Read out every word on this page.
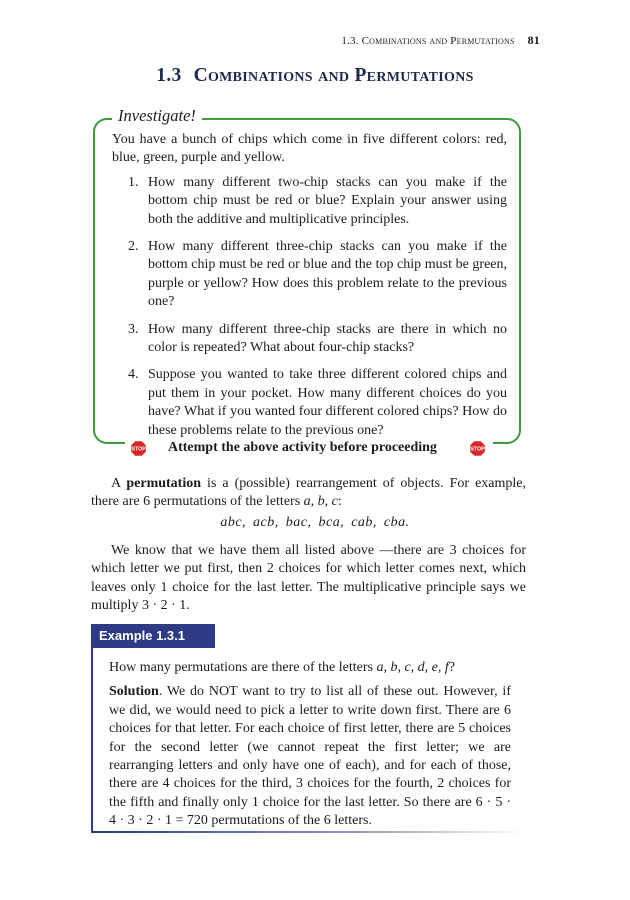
1.3. Combinations and Permutations 81
1.3 Combinations and Permutations
Investigate!

You have a bunch of chips which come in five different colors: red, blue, green, purple and yellow.

1. How many different two-chip stacks can you make if the bottom chip must be red or blue? Explain your answer using both the additive and multiplicative principles.
2. How many different three-chip stacks can you make if the bottom chip must be red or blue and the top chip must be green, purple or yellow? How does this problem relate to the previous one?
3. How many different three-chip stacks are there in which no color is repeated? What about four-chip stacks?
4. Suppose you wanted to take three different colored chips and put them in your pocket. How many different choices do you have? What if you wanted four different colored chips? How do these problems relate to the previous one?
STOP Attempt the above activity before proceeding	STOP

A permutation is a (possible) rearrangement of objects. For example, there are 6 permutations of the letters a, b, c:

abc, acb, bac, bca, cab, cba.

We know that we have them all listed above —there are 3 choices for which letter we put first, then 2 choices for which letter comes next, which leaves only 1 choice for the last letter. The multiplicative principle says we multiply 3 · 2 · 1.

Example 1.3.1

How many permutations are there of the letters a, b, c, d, e, f?

Solution. We do NOT want to try to list all of these out. However, if we did, we would need to pick a letter to write down first. There are 6 choices for that letter. For each choice of first letter, there are 5 choices for the second letter (we cannot repeat the first letter; we are rearranging letters and only have one of each), and for each of those, there are 4 choices for the third, 3 choices for the fourth, 2 choices for the fifth and finally only 1 choice for the last letter. So there are 6 · 5 · 4 · 3 · 2 · 1 = 720 permutations of the 6 letters.
